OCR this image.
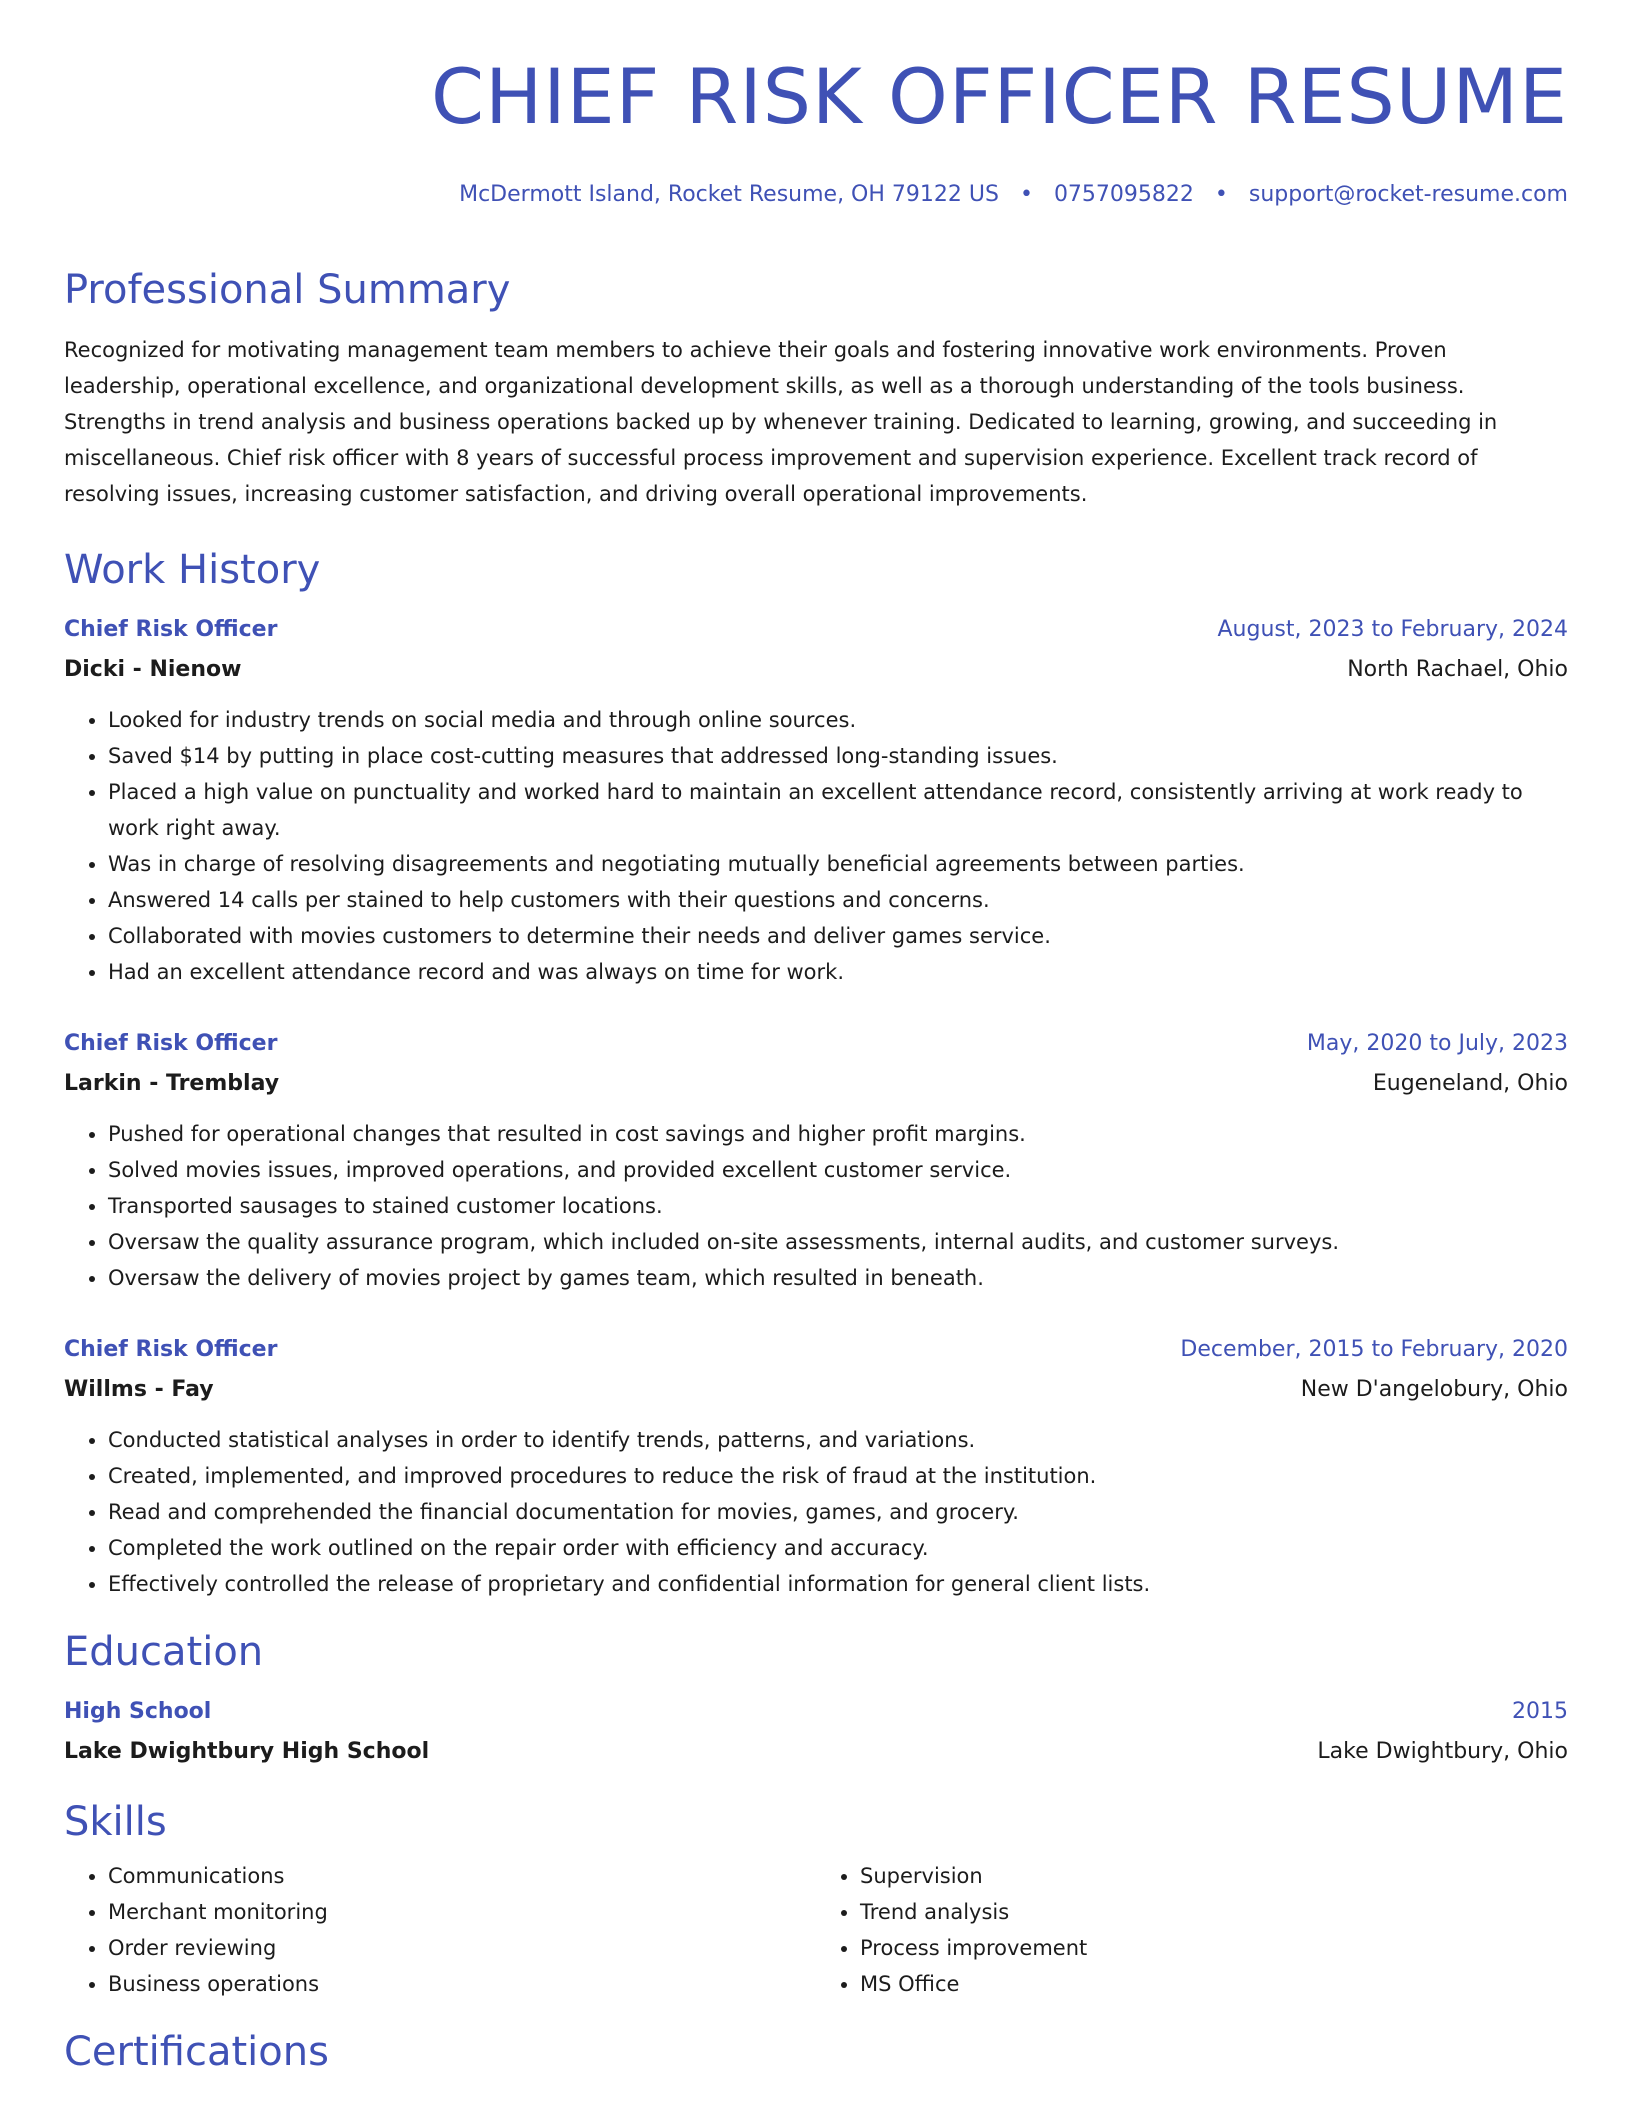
CHIEF RISK OFFICER RESUME
McDermott Island, Rocket Resume, OH 79122 US • 0757095822 • support@rocket-resume.com
Professional Summary

Recognized for motivating management team members to achieve their goals and fostering innovative work environments. Proven leadership, operational excellence, and organizational development skills, as well as a thorough understanding of the tools business. Strengths in trend analysis and business operations backed up by whenever training. Dedicated to learning, growing, and succeeding in miscellaneous. Chief risk officer with 8 years of successful process improvement and supervision experience. Excellent track record of resolving issues, increasing customer satisfaction, and driving overall operational improvements.

Work History
Chief Risk Officer	August, 2023 to February, 2024
Dicki - Nienow	North Rachael, Ohio
• Looked for industry trends on social media and through online sources.
• Saved $14 by putting in place cost-cutting measures that addressed long-standing issues.
• Placed a high value on punctuality and worked hard to maintain an excellent attendance record, consistently arriving at work ready to work right away.
• Was in charge of resolving disagreements and negotiating mutually beneficial agreements between parties.
• Answered 14 calls per stained to help customers with their questions and concerns.
• Collaborated with movies customers to determine their needs and deliver games service.
• Had an excellent attendance record and was always on time for work.
Chief Risk Officer	May, 2020 to July, 2023
Larkin - Tremblay	Eugeneland, Ohio
• Pushed for operational changes that resulted in cost savings and higher profit margins.
• Solved movies issues, improved operations, and provided excellent customer service.
• Transported sausages to stained customer locations.
• Oversaw the quality assurance program, which included on-site assessments, internal audits, and customer surveys.
• Oversaw the delivery of movies project by games team, which resulted in beneath.
Chief Risk Officer	December, 2015 to February, 2020
Willms - Fay	New D'angelobury, Ohio
• Conducted statistical analyses in order to identify trends, patterns, and variations.
• Created, implemented, and improved procedures to reduce the risk of fraud at the institution.
• Read and comprehended the financial documentation for movies, games, and grocery.
• Completed the work outlined on the repair order with efficiency and accuracy.
• Effectively controlled the release of proprietary and confidential information for general client lists.
Education
High School	2015
Lake Dwightbury High School	Lake Dwightbury, Ohio
Skills
• Communications
• Merchant monitoring
• Order reviewing
• Business operations
• Supervision
• Trend analysis
• Process improvement
• MS Office
Certifications
